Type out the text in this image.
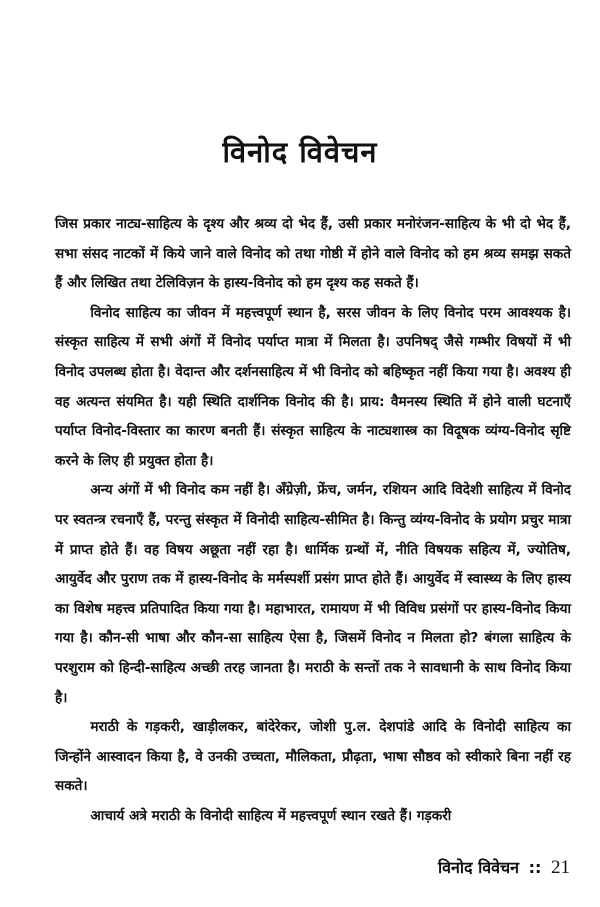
विनोद विवेचन

जिस प्रकार नाट्य-साहित्य के दृश्य और श्रव्य दो भेद हैं, उसी प्रकार मनोरंजन-साहित्य के भी दो भेद हैं, सभा संसद नाटकों में किये जाने वाले विनोद को तथा गोष्ठी में होने वाले विनोद को हम श्रव्य समझ सकते हैं और लिखित तथा टेलिविज़न के हास्य-विनोद को हम दृश्य कह सकते हैं।

विनोद साहित्य का जीवन में महत्त्वपूर्ण स्थान है, सरस जीवन के लिए विनोद परम आवश्यक है। संस्कृत साहित्य में सभी अंगों में विनोद पर्याप्त मात्रा में मिलता है। उपनिषद् जैसे गम्भीर विषयों में भी विनोद उपलब्ध होता है। वेदान्त और दर्शनसाहित्य में भी विनोद को बहिष्कृत नहीं किया गया है। अवश्य ही वह अत्यन्त संयमित है। यही स्थिति दार्शनिक विनोद की है। प्राय: वैमनस्य स्थिति में होने वाली घटनाएँ पर्याप्त विनोद-विस्तार का कारण बनती हैं। संस्कृत साहित्य के नाट्यशास्त्र का विदूषक व्यंग्य-विनोद सृष्टि करने के लिए ही प्रयुक्त होता है।

अन्य अंगों में भी विनोद कम नहीं है। अँग्रेज़ी, फ्रेंच, जर्मन, रशियन आदि विदेशी साहित्य में विनोद पर स्वतन्त्र रचनाएँ हैं, परन्तु संस्कृत में विनोदी साहित्य-सीमित है। किन्तु व्यंग्य-विनोद के प्रयोग प्रचुर मात्रा में प्राप्त होते हैं। वह विषय अछूता नहीं रहा है। धार्मिक ग्रन्थों में, नीति विषयक सहित्य में, ज्योतिष, आयुर्वेद और पुराण तक में हास्य-विनोद के मर्मस्पर्शी प्रसंग प्राप्त होते हैं। आयुर्वेद में स्वास्थ्य के लिए हास्य का विशेष महत्त्व प्रतिपादित किया गया है। महाभारत, रामायण में भी विविध प्रसंगों पर हास्य-विनोद किया गया है। कौन-सी भाषा और कौन-सा साहित्य ऐसा है, जिसमें विनोद न मिलता हो? बंगला साहित्य के परशुराम को हिन्दी-साहित्य अच्छी तरह जानता है। मराठी के सन्तों तक ने सावधानी के साथ विनोद किया है।

मराठी के गड़करी, खाड़ीलकर, बांदेरेकर, जोशी पु.ल. देशपांडे आदि के विनोदी साहित्य का जिन्होंने आस्वादन किया है, वे उनकी उच्चता, मौलिकता, प्रौढ़ता, भाषा सौष्ठव को स्वीकारे बिना नहीं रह सकते।

आचार्य अत्रे मराठी के विनोदी साहित्य में महत्त्वपूर्ण स्थान रखते हैं। गड़करी

विनोद विवेचन :: 21
